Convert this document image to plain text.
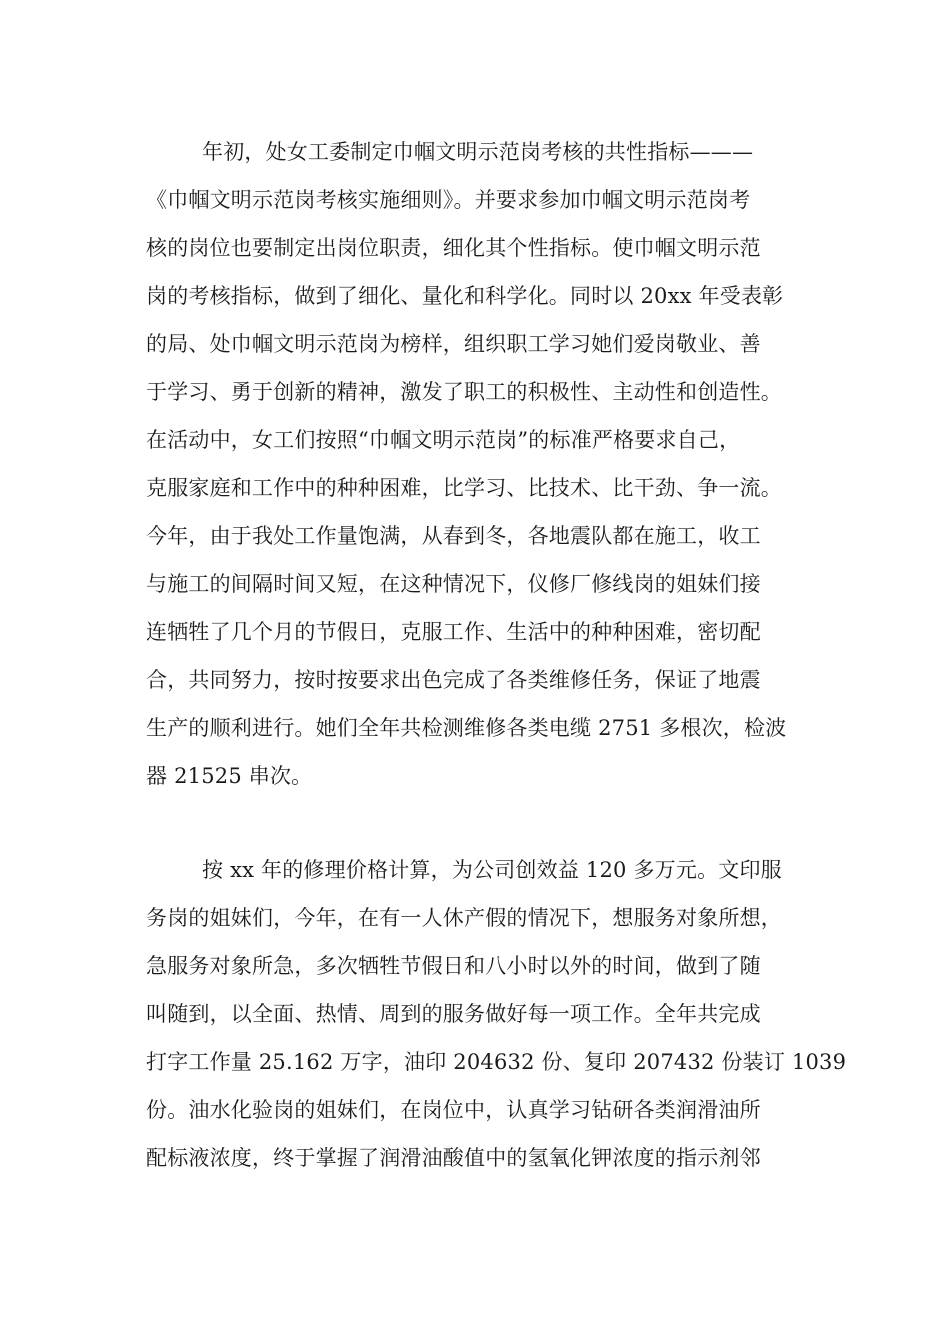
年初，处女工委制定巾帼文明示范岗考核的共性指标———
《巾帼文明示范岗考核实施细则》。并要求参加巾帼文明示范岗考
核的岗位也要制定出岗位职责，细化其个性指标。使巾帼文明示范
岗的考核指标，做到了细化、量化和科学化。同时以 20xx 年受表彰
的局、处巾帼文明示范岗为榜样，组织职工学习她们爱岗敬业、善
于学习、勇于创新的精神，激发了职工的积极性、主动性和创造性。
在活动中，女工们按照“巾帼文明示范岗”的标准严格要求自己，
克服家庭和工作中的种种困难，比学习、比技术、比干劲、争一流。
今年，由于我处工作量饱满，从春到冬，各地震队都在施工，收工
与施工的间隔时间又短，在这种情况下，仪修厂修线岗的姐妹们接
连牺牲了几个月的节假日，克服工作、生活中的种种困难，密切配
合，共同努力，按时按要求出色完成了各类维修任务，保证了地震
生产的顺利进行。她们全年共检测维修各类电缆 2751 多根次，检波
器 21525 串次。
按 xx 年的修理价格计算，为公司创效益 120 多万元。文印服
务岗的姐妹们，今年，在有一人休产假的情况下，想服务对象所想，
急服务对象所急，多次牺牲节假日和八小时以外的时间，做到了随
叫随到，以全面、热情、周到的服务做好每一项工作。全年共完成
打字工作量 25.162 万字，油印 204632 份、复印 207432 份装订 1039
份。油水化验岗的姐妹们，在岗位中，认真学习钻研各类润滑油所
配标液浓度，终于掌握了润滑油酸值中的氢氧化钾浓度的指示剂邻
